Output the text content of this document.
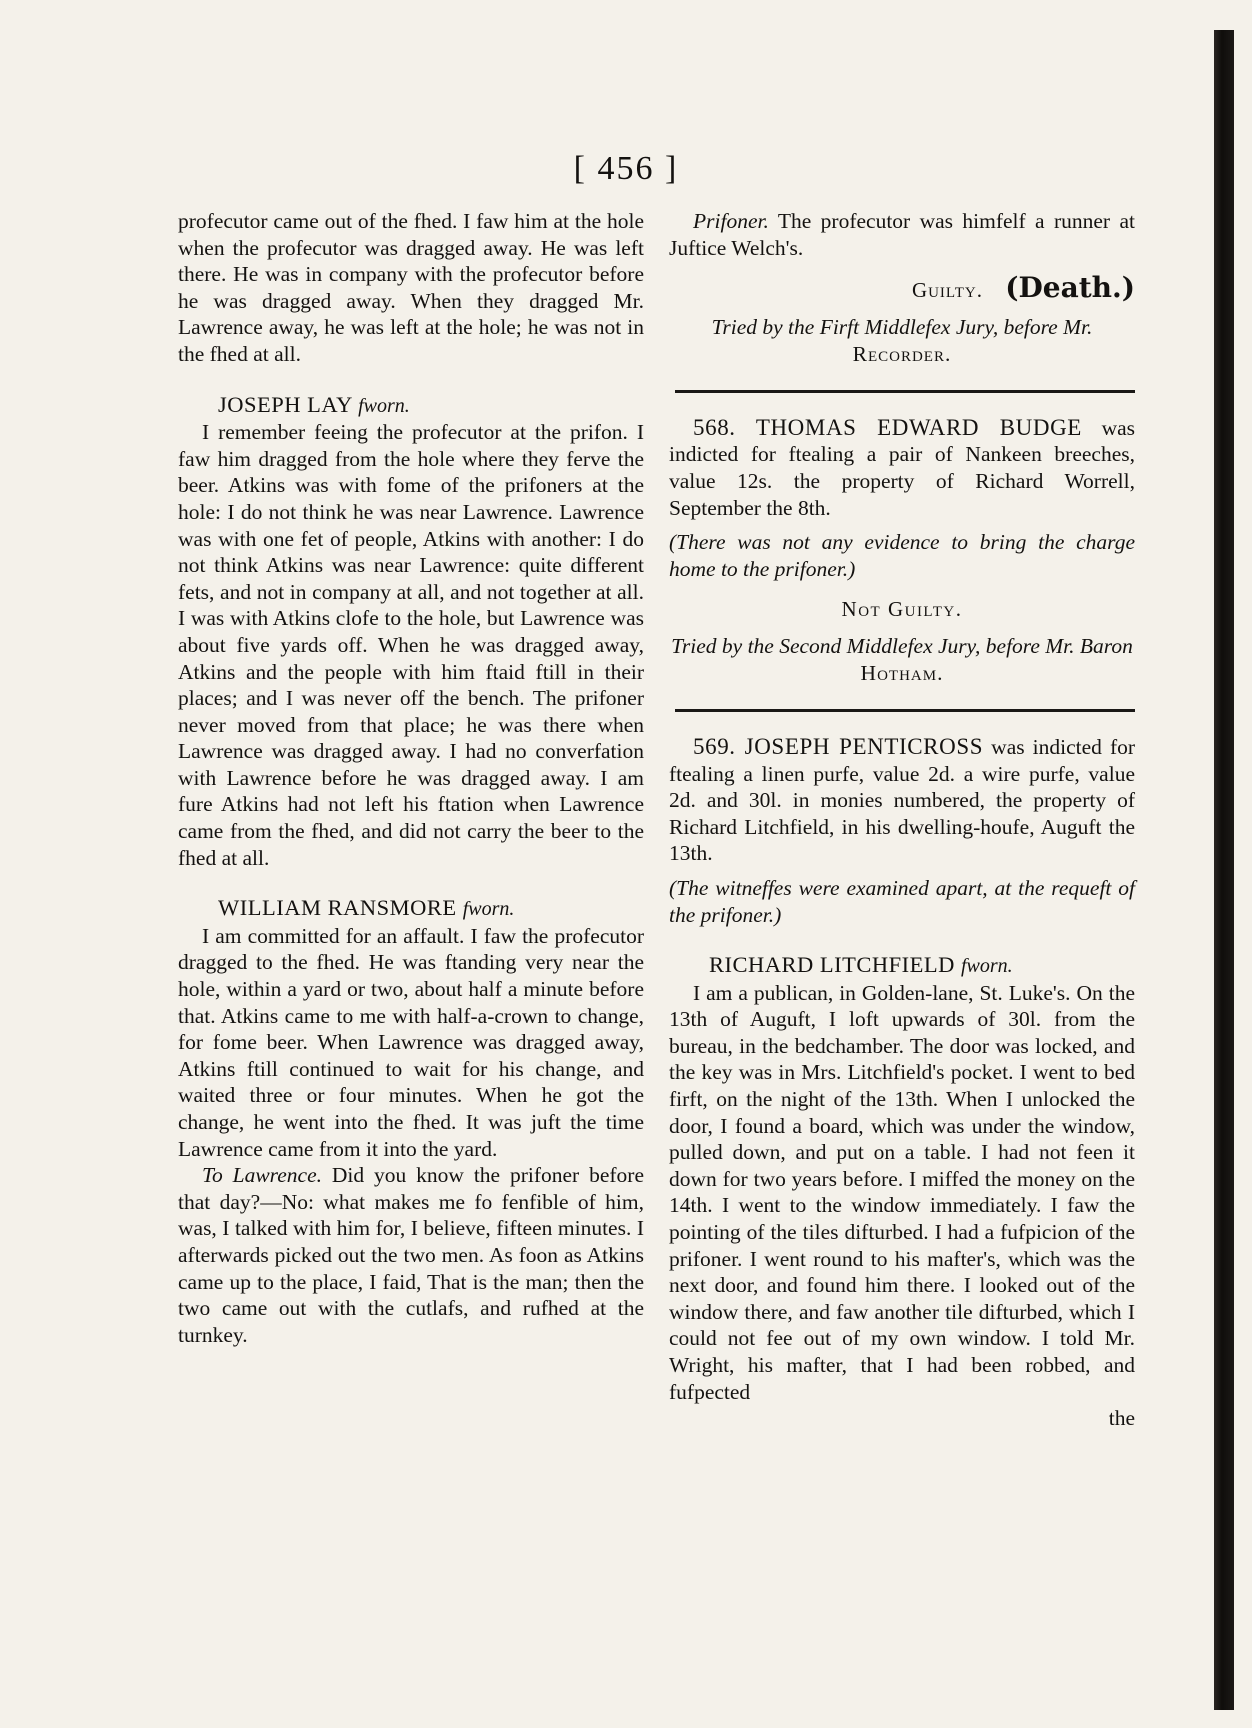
[ 456 ]

profecutor came out of the fhed. I faw him at the hole when the profecutor was dragged away. He was left there. He was in company with the profecutor before he was dragged away. When they dragged Mr. Lawrence away, he was left at the hole; he was not in the fhed at all.

JOSEPH LAY fworn.

I remember feeing the profecutor at the prifon. I faw him dragged from the hole where they ferve the beer. Atkins was with fome of the prifoners at the hole: I do not think he was near Lawrence. Lawrence was with one fet of people, Atkins with another: I do not think Atkins was near Lawrence: quite different fets, and not in company at all, and not together at all. I was with Atkins clofe to the hole, but Lawrence was about five yards off. When he was dragged away, Atkins and the people with him ftaid ftill in their places; and I was never off the bench. The prifoner never moved from that place; he was there when Lawrence was dragged away. I had no converfation with Lawrence before he was dragged away. I am fure Atkins had not left his ftation when Lawrence came from the fhed, and did not carry the beer to the fhed at all.

WILLIAM RANSMORE fworn.

I am committed for an affault. I faw the profecutor dragged to the fhed. He was ftanding very near the hole, within a yard or two, about half a minute before that. Atkins came to me with half-a-crown to change, for fome beer. When Lawrence was dragged away, Atkins ftill continued to wait for his change, and waited three or four minutes. When he got the change, he went into the fhed. It was juft the time Lawrence came from it into the yard.

To Lawrence. Did you know the prifoner before that day?—No: what makes me fo fenfible of him, was, I talked with him for, I believe, fifteen minutes. I afterwards picked out the two men. As foon as Atkins came up to the place, I faid, That is the man; then the two came out with the cutlafs, and rufhed at the turnkey.

Prifoner. The profecutor was himfelf a runner at Juftice Welch's.

Guilty. (Death.)
Tried by the Firft Middlefex Jury, before Mr. Recorder.

568. THOMAS EDWARD BUDGE was indicted for ftealing a pair of Nankeen breeches, value 12s. the property of Richard Worrell, September the 8th.

(There was not any evidence to bring the charge home to the prifoner.)

Not Guilty.
Tried by the Second Middlefex Jury, before Mr. Baron Hotham.

569. JOSEPH PENTICROSS was indicted for ftealing a linen purfe, value 2d. a wire purfe, value 2d. and 30l. in monies numbered, the property of Richard Litchfield, in his dwelling-houfe, Auguft the 13th.

(The witneffes were examined apart, at the requeft of the prifoner.)

RICHARD LITCHFIELD fworn.

I am a publican, in Golden-lane, St. Luke's. On the 13th of Auguft, I loft upwards of 30l. from the bureau, in the bedchamber. The door was locked, and the key was in Mrs. Litchfield's pocket. I went to bed firft, on the night of the 13th. When I unlocked the door, I found a board, which was under the window, pulled down, and put on a table. I had not feen it down for two years before. I miffed the money on the 14th. I went to the window immediately. I faw the pointing of the tiles difturbed. I had a fufpicion of the prifoner. I went round to his mafter's, which was the next door, and found him there. I looked out of the window there, and faw another tile difturbed, which I could not fee out of my own window. I told Mr. Wright, his mafter, that I had been robbed, and fufpected

the
